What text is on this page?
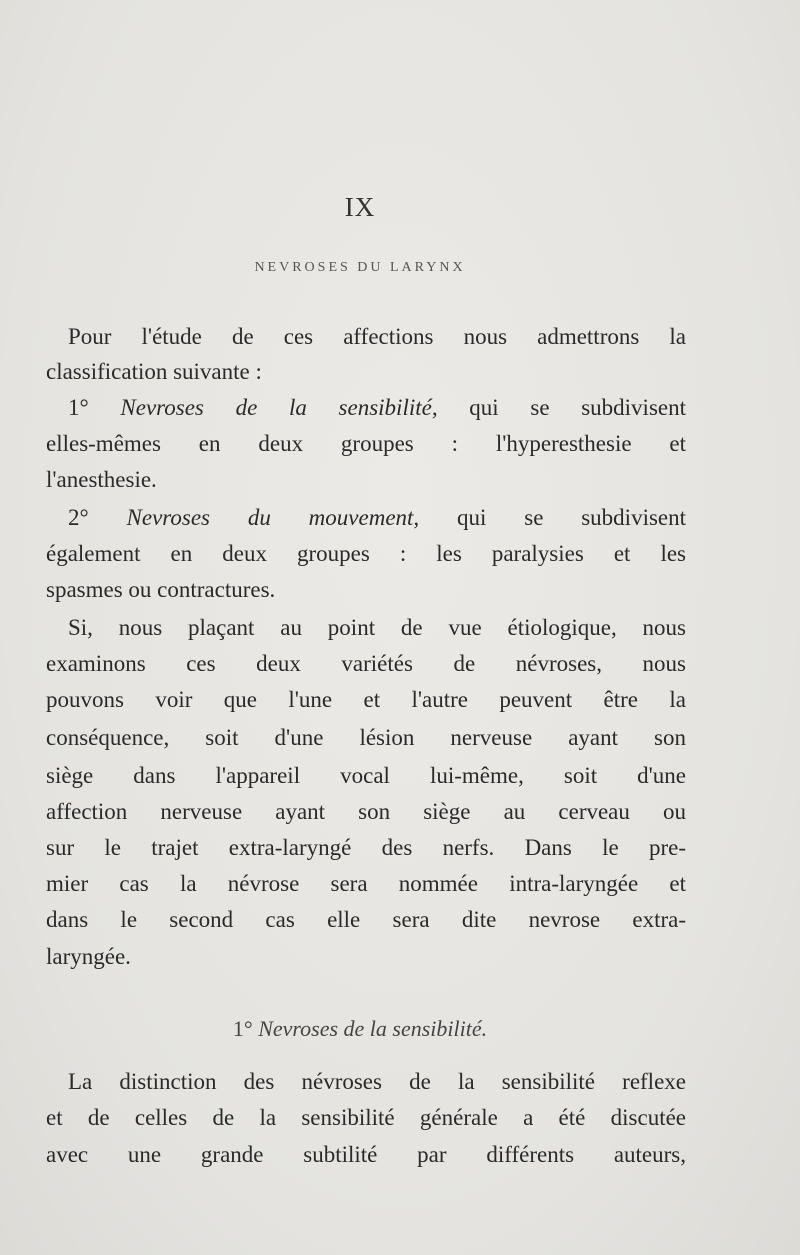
IX
NEVROSES DU LARYNX
Pour l'étude de ces affections nous admettrons la
classification suivante :
1° Nevroses de la sensibilité, qui se subdivisent
elles-mêmes en deux groupes : l'hyperesthesie et
l'anesthesie.
2° Nevroses du mouvement, qui se subdivisent
également en deux groupes : les paralysies et les
spasmes ou contractures.
Si, nous plaçant au point de vue étiologique, nous
examinons ces deux variétés de névroses, nous
pouvons voir que l'une et l'autre peuvent être la
conséquence, soit d'une lésion nerveuse ayant son
siège dans l'appareil vocal lui-même, soit d'une
affection nerveuse ayant son siège au cerveau ou
sur le trajet extra-laryngé des nerfs. Dans le pre-
mier cas la névrose sera nommée intra-laryngée et
dans le second cas elle sera dite nevrose extra-
laryngée.
1° Nevroses de la sensibilité.
La distinction des névroses de la sensibilité reflexe
et de celles de la sensibilité générale a été discutée
avec une grande subtilité par différents auteurs,
